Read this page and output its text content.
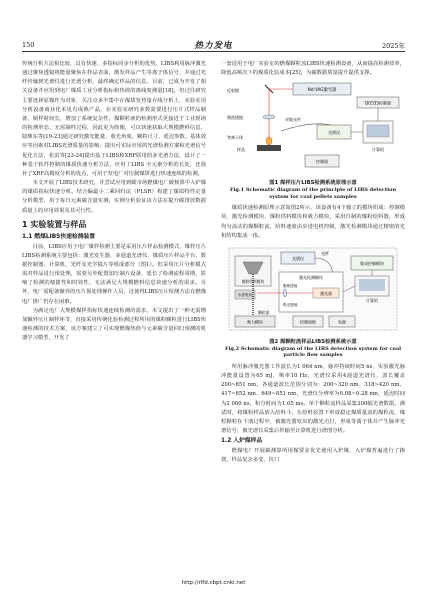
150	热力发电	2025年

传统分析方法相比较，具有快速、多指标同步分析的优势。LIBS利用脉冲激光通过聚焦透镜将能量聚焦在样品表面，激发样品产生等离子体信号，并通过光纤传输到光谱仪进行光谱分析，最终确定样品的信息，目前，已成为开发了相关设备并应用到电厂煤质工业分析指标和热值的离线度测量[18]。但过往研究主要选择原煤作为对象，关注点多半集中在煤质发热量在线分析上，实验室用分析设备商业化未见有成熟产品，在实验室研究多数需要进行压片式样品制备，制样时间长，增加了系统复杂性，煤颗粒液的检测形式更接近于工业现场的检测形态，无需制样过程，因此更为简便，可以快速获取大规模燃料信息，陆继东等[19-23]通过研究激光能量、收光角度、颗粒尺寸、延迟参数、基体效应等因素对LIBS光谱质量的影响，提出可实际应用的光谱检测方案和光谱信号优化方法，张雷等[23-24]提出基于LIBS和XRF联用的多光谱方法，设计了一种基于软件控制的煤质快速分析方法，应用了LIBS 全元素分析的长处，还弥补了XRF高精度分析的优点，可用于发电厂对压制煤饼进行快速连续的检测。

本文开展了LIBS技术研究，并尝试应用到碳市场燃煤电厂碳核算中入炉煤的煤质指标快速分析。结合偏最小二乘回归法（PLSR）构建了煤质特性定量分析模型，用于每日元素碳含量实测，实例分析验证该方法在提升碳排放数据质量上的应用效果及其可行性。

1 实验装置与样品
1.1 燃煤LIBS快速检测装置

目前，LIBS应用于电厂煤样检测主要是采用压片样品检测模式，煤样压片LIBS检测系统主要包括：激光发生器、多通道光谱仪、煤质压片样品平台、数据控制器、计算机、光纤及光学镜片等组成部分（图1）。但采用压片分析模式需对样品进行预处理，需要另外配置加压制片设备，延长了检测流程周期，影响了检测的便捷性和时效性，无法满足大规模燃料信息快速分析的需求。另外，电厂需配备额外的压片预处理操作人员，这使得LIBS压片检测方法在燃煤电厂推广仍存在困难。

为满足电厂大规模煤样指标快速连续检测的需求，本文提出了一种无需增加额外压片制样环节，直接采用传统化验检测过程所用的煤粉颗粒进行LIBS快速检测的技术方案，该方案建立了可实现燃煤热值与元素碳含量回归预测的机器学习模型，开发了

一套适用于电厂实验室的燃煤颗粒流LIBS快速检测设备，从而提高检测效率，降低高频次下的煤质化验成本[25]，为碳数据质量提升提供支撑。

Nd:YAG激光器
DG535控制器
反射镜
聚焦透镜	采集光纤
等离子体
样品
光谱仪
计算机
控制器
图1 煤样压片LIBS检测系统原理示意
Fig.1 Schematic diagram of the principle of LIBS detection system for coal pellets samples

煤质快速检测原理示意如图2所示，该设备有4个独立的模块组成：控制模块、激光检测模块、煤粉供料模块和吸力模块，采用自制的煤粉给料器，形成均匀流动的煤颗粒流，给料速度由步进电机控制，激光检测模块通过精密的光机结构集成一体。

光谱仪
光纤
煤粉给料模块
步进电机
颗粒流
激光检测模块
激光器
聚焦透镜
集光透镜
集成控制模块
计算机
吸力模块	控制面板	电源
图2 煤颗粒流样品LIBS检测系统示意
Fig.2 Schematic diagram of the LIBS detection system for coal particle flow samples

所用脉冲激光器工作波长为1 064 nm，脉冲持续时间5 ns，实验激光脉冲能量设置为65 mJ，频率10 Hz，光谱仪采用4通道光谱仪，波长覆盖200~851 nm，各通道波长范围分别为：200~320 nm、318~420 nm、417~652 nm、649~851 nm，光谱仪分辨率为0.08~0.28 nm，延迟时间为2 000 ns，积分时间为1.05 ms。单个颗粒流样品采集200幅光谱数据。测试时，将煤粉样品放入给料斗，在给料装置下形成稳定煤质量流的煤粒流，煤粒颗粒在下落过程中，被激光器发出的激光击打，形成等离子体并产生脉冲光谱信号，被光谱仪采集后传输至计算机进行谱图分析。

1.2 入炉煤样品

燃煤电厂开展碳测算所用煤要求优先使用入炉煤，入炉煤普遍进行了掺烧，样品复杂多变，坑口

http://rlfd.cbpt.cnki.net
